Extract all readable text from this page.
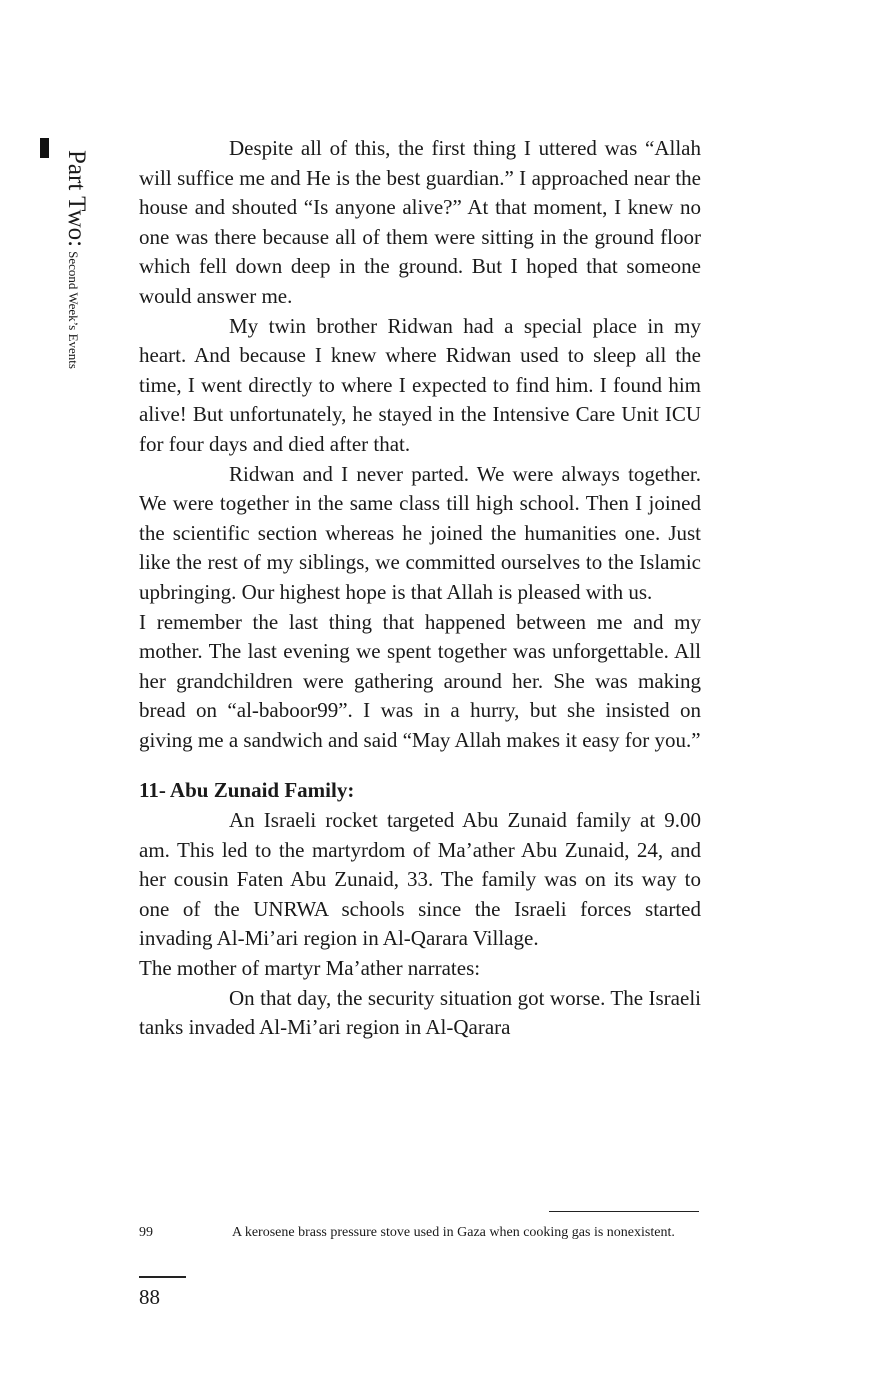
Part Two: Second Week’s Events

Despite all of this, the first thing I uttered was “Allah will suffice me and He is the best guardian.” I approached near the house and shouted “Is anyone alive?” At that moment, I knew no one was there because all of them were sitting in the ground floor which fell down deep in the ground. But I hoped that someone would answer me.

My twin brother Ridwan had a special place in my heart. And because I knew where Ridwan used to sleep all the time, I went directly to where I expected to find him. I found him alive! But unfortunately, he stayed in the Intensive Care Unit ICU for four days and died after that.

Ridwan and I never parted. We were always together. We were together in the same class till high school. Then I joined the scientific section whereas he joined the humanities one. Just like the rest of my siblings, we committed ourselves to the Islamic upbringing. Our highest hope is that Allah is pleased with us.

I remember the last thing that happened between me and my mother. The last evening we spent together was unforgettable. All her grandchildren were gathering around her. She was making bread on “al-baboor99”. I was in a hurry, but she insisted on giving me a sandwich and said “May Allah makes it easy for you.”

11- Abu Zunaid Family:

An Israeli rocket targeted Abu Zunaid family at 9.00 am. This led to the martyrdom of Ma’ather Abu Zunaid, 24, and her cousin Faten Abu Zunaid, 33. The family was on its way to one of the UNRWA schools since the Israeli forces started invading Al-Mi’ari region in Al-Qarara Village.

The mother of martyr Ma’ather narrates:

On that day, the security situation got worse. The Israeli tanks invaded Al-Mi’ari region in Al-Qarara

99	A kerosene brass pressure stove used in Gaza when cooking gas is nonexistent.
88
